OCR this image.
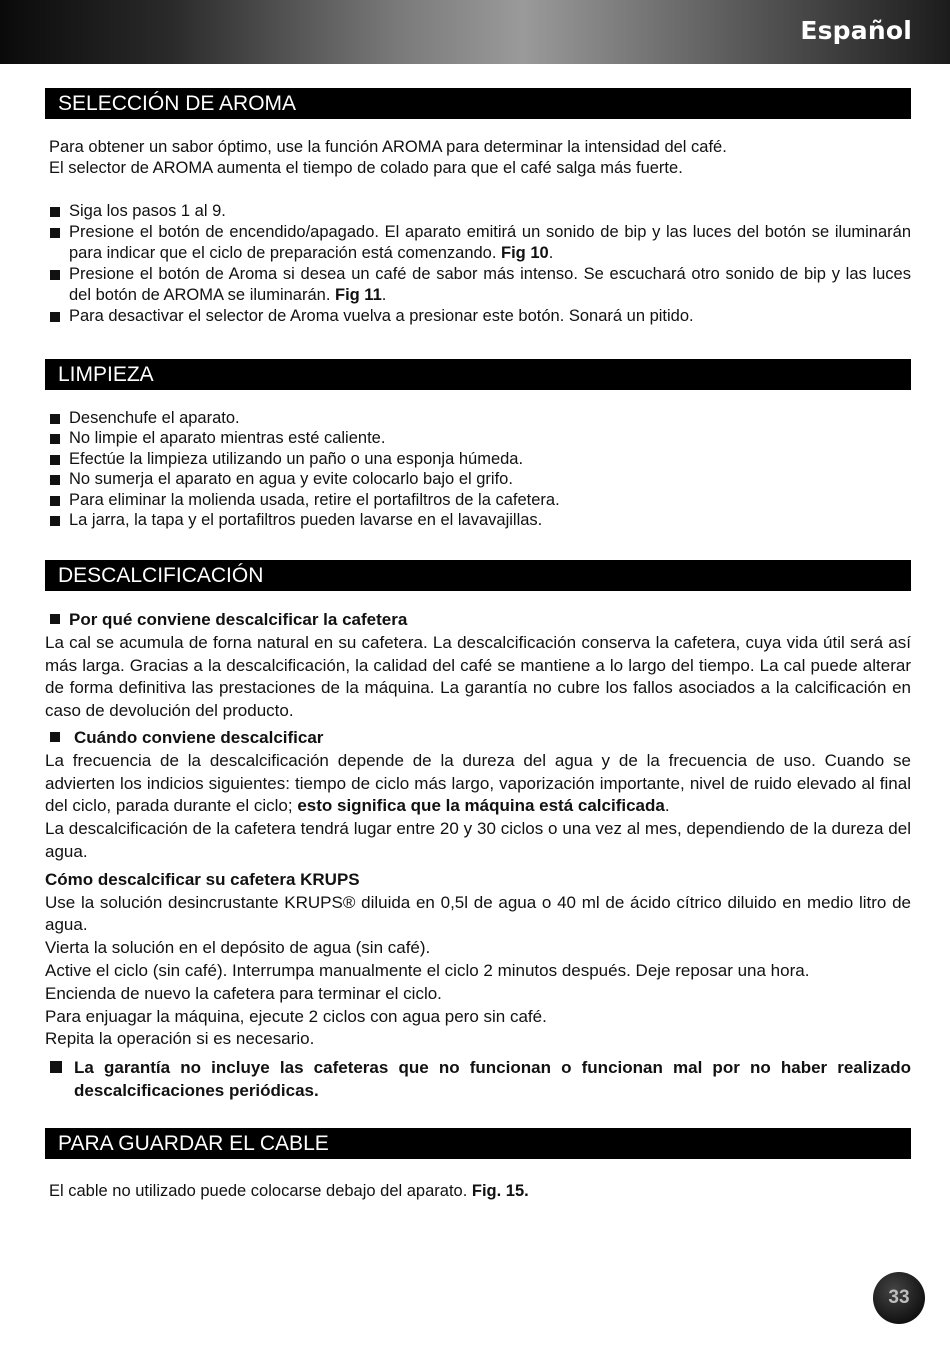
Español
SELECCIÓN DE AROMA

Para obtener un sabor óptimo, use la función AROMA para determinar la intensidad del café.

El selector de AROMA aumenta el tiempo de colado para que el café salga más fuerte.

Siga los pasos 1 al 9.
Presione el botón de encendido/apagado. El aparato emitirá un sonido de bip y las luces del botón se iluminarán para indicar que el ciclo de preparación está comenzando. Fig 10.
Presione el botón de Aroma si desea un café de sabor más intenso. Se escuchará otro sonido de bip y las luces del botón de AROMA se iluminarán. Fig 11.
Para desactivar el selector de Aroma vuelva a presionar este botón. Sonará un pitido.
LIMPIEZA
Desenchufe el aparato.
No limpie el aparato mientras esté caliente.
Efectúe la limpieza utilizando un paño o una esponja húmeda.
No sumerja el aparato en agua y evite colocarlo bajo el grifo.
Para eliminar la molienda usada, retire el portafiltros de la cafetera.
La jarra, la tapa y el portafiltros pueden lavarse en el lavavajillas.
DESCALCIFICACIÓN

Por qué conviene descalcificar la cafetera

La cal se acumula de forna natural en su cafetera. La descalcificación conserva la cafetera, cuya vida útil será así más larga. Gracias a la descalcificación, la calidad del café se mantiene a lo largo del tiempo. La cal puede alterar de forma definitiva las prestaciones de la máquina. La garantía no cubre los fallos asociados a la calcificación en caso de devolución del producto.

Cuándo conviene descalcificar

La frecuencia de la descalcificación depende de la dureza del agua y de la frecuencia de uso. Cuando se advierten los indicios siguientes: tiempo de ciclo más largo, vaporización importante, nivel de ruido elevado al final del ciclo, parada durante el ciclo; esto significa que la máquina está calcificada.

La descalcificación de la cafetera tendrá lugar entre 20 y 30 ciclos o una vez al mes, dependiendo de la dureza del agua.

Cómo descalcificar su cafetera KRUPS

Use la solución desincrustante KRUPS® diluida en 0,5l de agua o 40 ml de ácido cítrico diluido en medio litro de agua.

Vierta la solución en el depósito de agua (sin café).

Active el ciclo (sin café). Interrumpa manualmente el ciclo 2 minutos después. Deje reposar una hora.

Encienda de nuevo la cafetera para terminar el ciclo.

Para enjuagar la máquina, ejecute 2 ciclos con agua pero sin café.

Repita la operación si es necesario.

La garantía no incluye las cafeteras que no funcionan o funcionan mal por no haber realizado descalcificaciones periódicas.

PARA GUARDAR EL CABLE
El cable no utilizado puede colocarse debajo del aparato. Fig. 15.
33
